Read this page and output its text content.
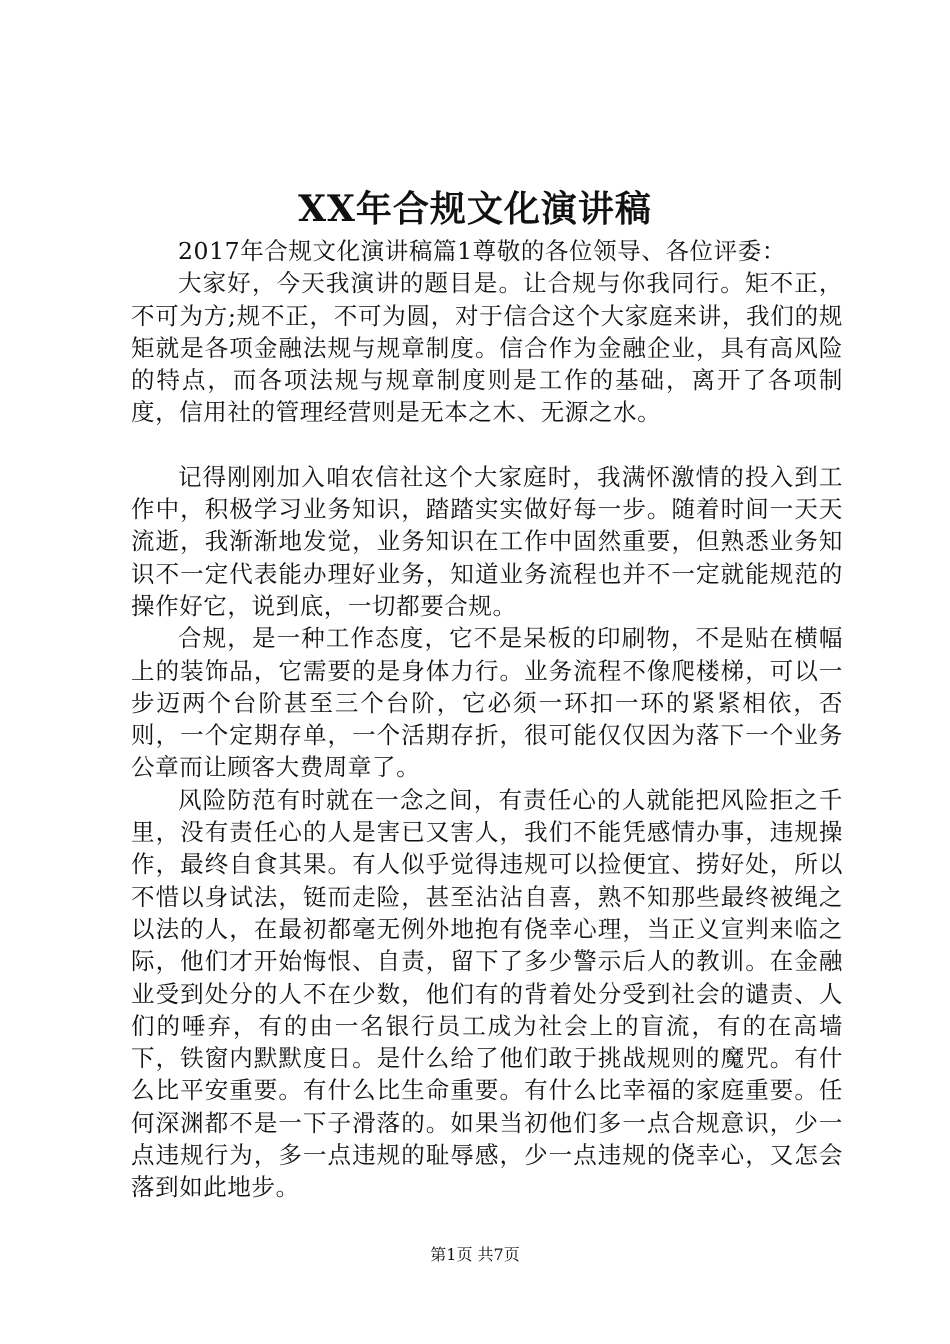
XX年合规文化演讲稿

2017年合规文化演讲稿篇1尊敬的各位领导、各位评委：

大家好，今天我演讲的题目是。让合规与你我同行。矩不正，不可为方;规不正，不可为圆，对于信合这个大家庭来讲，我们的规矩就是各项金融法规与规章制度。信合作为金融企业，具有高风险的特点，而各项法规与规章制度则是工作的基础，离开了各项制度，信用社的管理经营则是无本之木、无源之水。

记得刚刚加入咱农信社这个大家庭时，我满怀激情的投入到工作中，积极学习业务知识，踏踏实实做好每一步。随着时间一天天流逝，我渐渐地发觉，业务知识在工作中固然重要，但熟悉业务知识不一定代表能办理好业务，知道业务流程也并不一定就能规范的操作好它，说到底，一切都要合规。

合规，是一种工作态度，它不是呆板的印刷物，不是贴在横幅上的装饰品，它需要的是身体力行。业务流程不像爬楼梯，可以一步迈两个台阶甚至三个台阶，它必须一环扣一环的紧紧相依，否则，一个定期存单，一个活期存折，很可能仅仅因为落下一个业务公章而让顾客大费周章了。

风险防范有时就在一念之间，有责任心的人就能把风险拒之千里，没有责任心的人是害已又害人，我们不能凭感情办事，违规操作，最终自食其果。有人似乎觉得违规可以捡便宜、捞好处，所以不惜以身试法，铤而走险，甚至沾沾自喜，熟不知那些最终被绳之以法的人，在最初都毫无例外地抱有侥幸心理，当正义宣判来临之际，他们才开始悔恨、自责，留下了多少警示后人的教训。在金融业受到处分的人不在少数，他们有的背着处分受到社会的谴责、人们的唾弃，有的由一名银行员工成为社会上的盲流，有的在高墙下，铁窗内默默度日。是什么给了他们敢于挑战规则的魔咒。有什么比平安重要。有什么比生命重要。有什么比幸福的家庭重要。任何深渊都不是一下子滑落的。如果当初他们多一点合规意识，少一点违规行为，多一点违规的耻辱感，少一点违规的侥幸心，又怎会落到如此地步。

第1页 共7页
